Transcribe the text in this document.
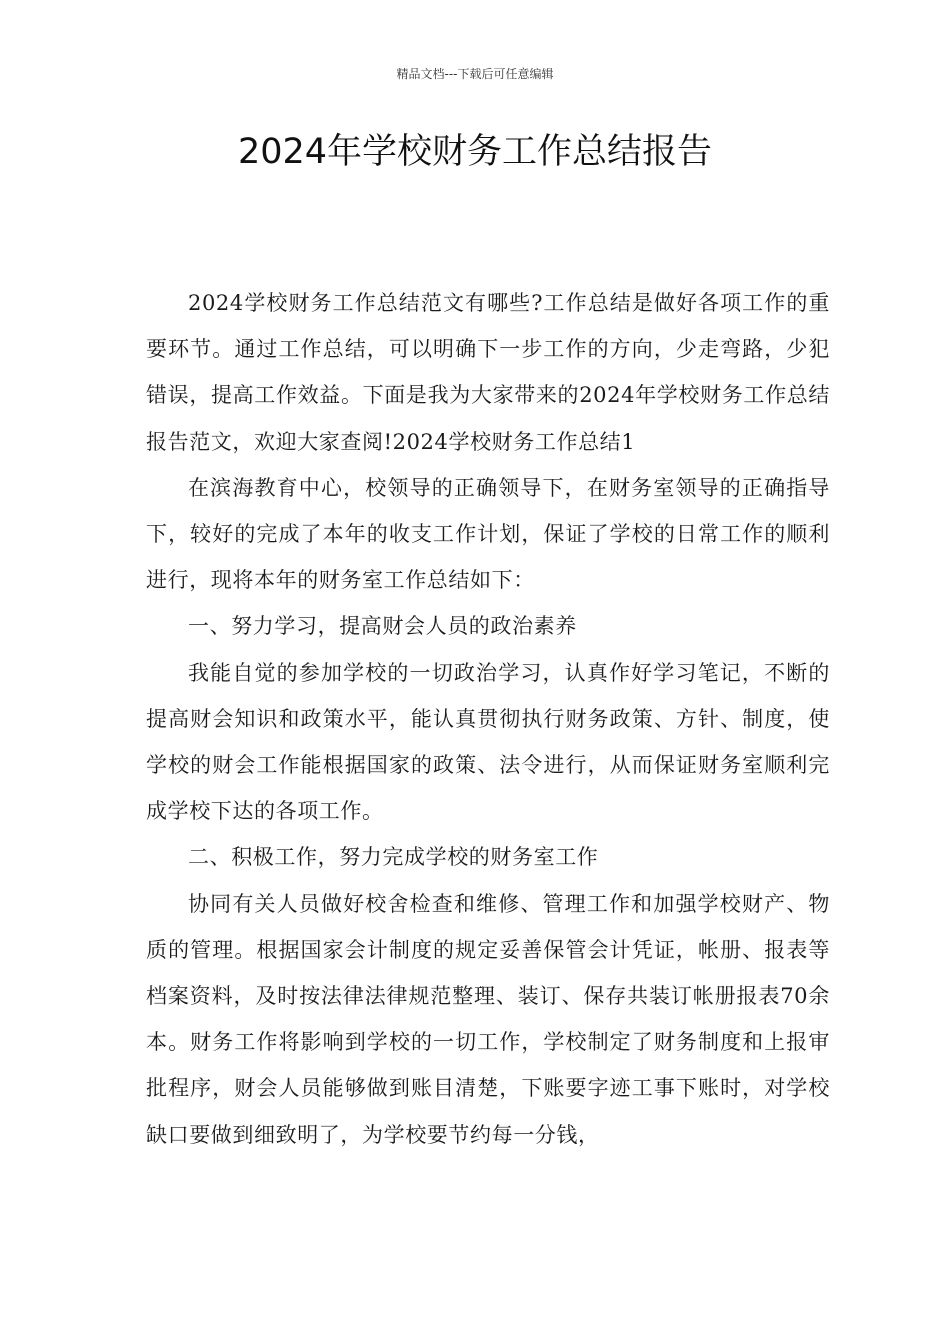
精品文档---下载后可任意编辑
2024年学校财务工作总结报告

2024学校财务工作总结范文有哪些?工作总结是做好各项工作的重要环节。通过工作总结，可以明确下一步工作的方向，少走弯路，少犯错误，提高工作效益。下面是我为大家带来的2024年学校财务工作总结报告范文，欢迎大家查阅!2024学校财务工作总结1

在滨海教育中心，校领导的正确领导下，在财务室领导的正确指导下，较好的完成了本年的收支工作计划，保证了学校的日常工作的顺利进行，现将本年的财务室工作总结如下：

一、努力学习，提高财会人员的政治素养

我能自觉的参加学校的一切政治学习，认真作好学习笔记，不断的提高财会知识和政策水平，能认真贯彻执行财务政策、方针、制度，使学校的财会工作能根据国家的政策、法令进行，从而保证财务室顺利完成学校下达的各项工作。

二、积极工作，努力完成学校的财务室工作

协同有关人员做好校舍检查和维修、管理工作和加强学校财产、物质的管理。根据国家会计制度的规定妥善保管会计凭证，帐册、报表等档案资料，及时按法律法律规范整理、装订、保存共装订帐册报表70余本。财务工作将影响到学校的一切工作，学校制定了财务制度和上报审批程序，财会人员能够做到账目清楚，下账要字迹工事下账时，对学校缺口要做到细致明了，为学校要节约每一分钱，
